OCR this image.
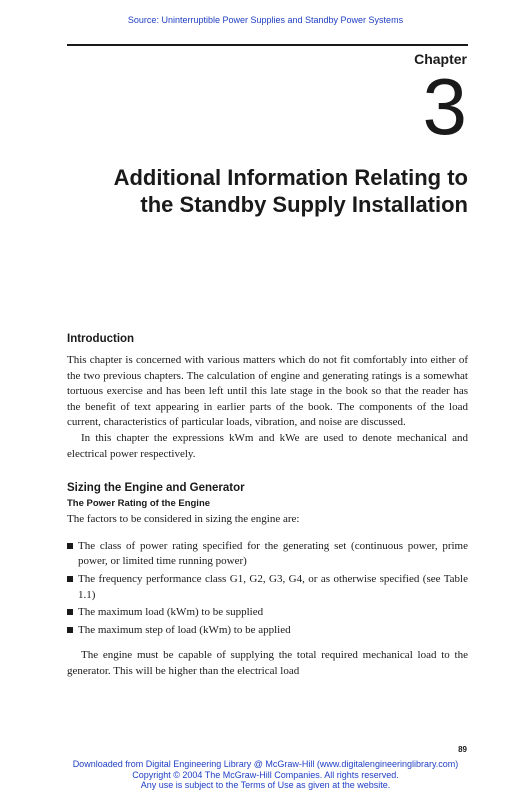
Source: Uninterruptible Power Supplies and Standby Power Systems
Chapter
3
Additional Information Relating to
the Standby Supply Installation
Introduction

This chapter is concerned with various matters which do not fit comfortably into either of the two previous chapters. The calculation of engine and generating ratings is a somewhat tortuous exercise and has been left until this late stage in the book so that the reader has the benefit of text appearing in earlier parts of the book. The components of the load current, characteristics of particular loads, vibration, and noise are discussed.

In this chapter the expressions kWm and kWe are used to denote mechanical and electrical power respectively.

Sizing the Engine and Generator
The Power Rating of the Engine

The factors to be considered in sizing the engine are:

The class of power rating specified for the generating set (continuous power, prime power, or limited time running power)
The frequency performance class G1, G2, G3, G4, or as otherwise specified (see Table 1.1)
The maximum load (kWm) to be supplied
The maximum step of load (kWm) to be applied

The engine must be capable of supplying the total required mechanical load to the generator. This will be higher than the electrical load

89
Downloaded from Digital Engineering Library @ McGraw-Hill (www.digitalengineeringlibrary.com)
Copyright © 2004 The McGraw-Hill Companies. All rights reserved.
Any use is subject to the Terms of Use as given at the website.
